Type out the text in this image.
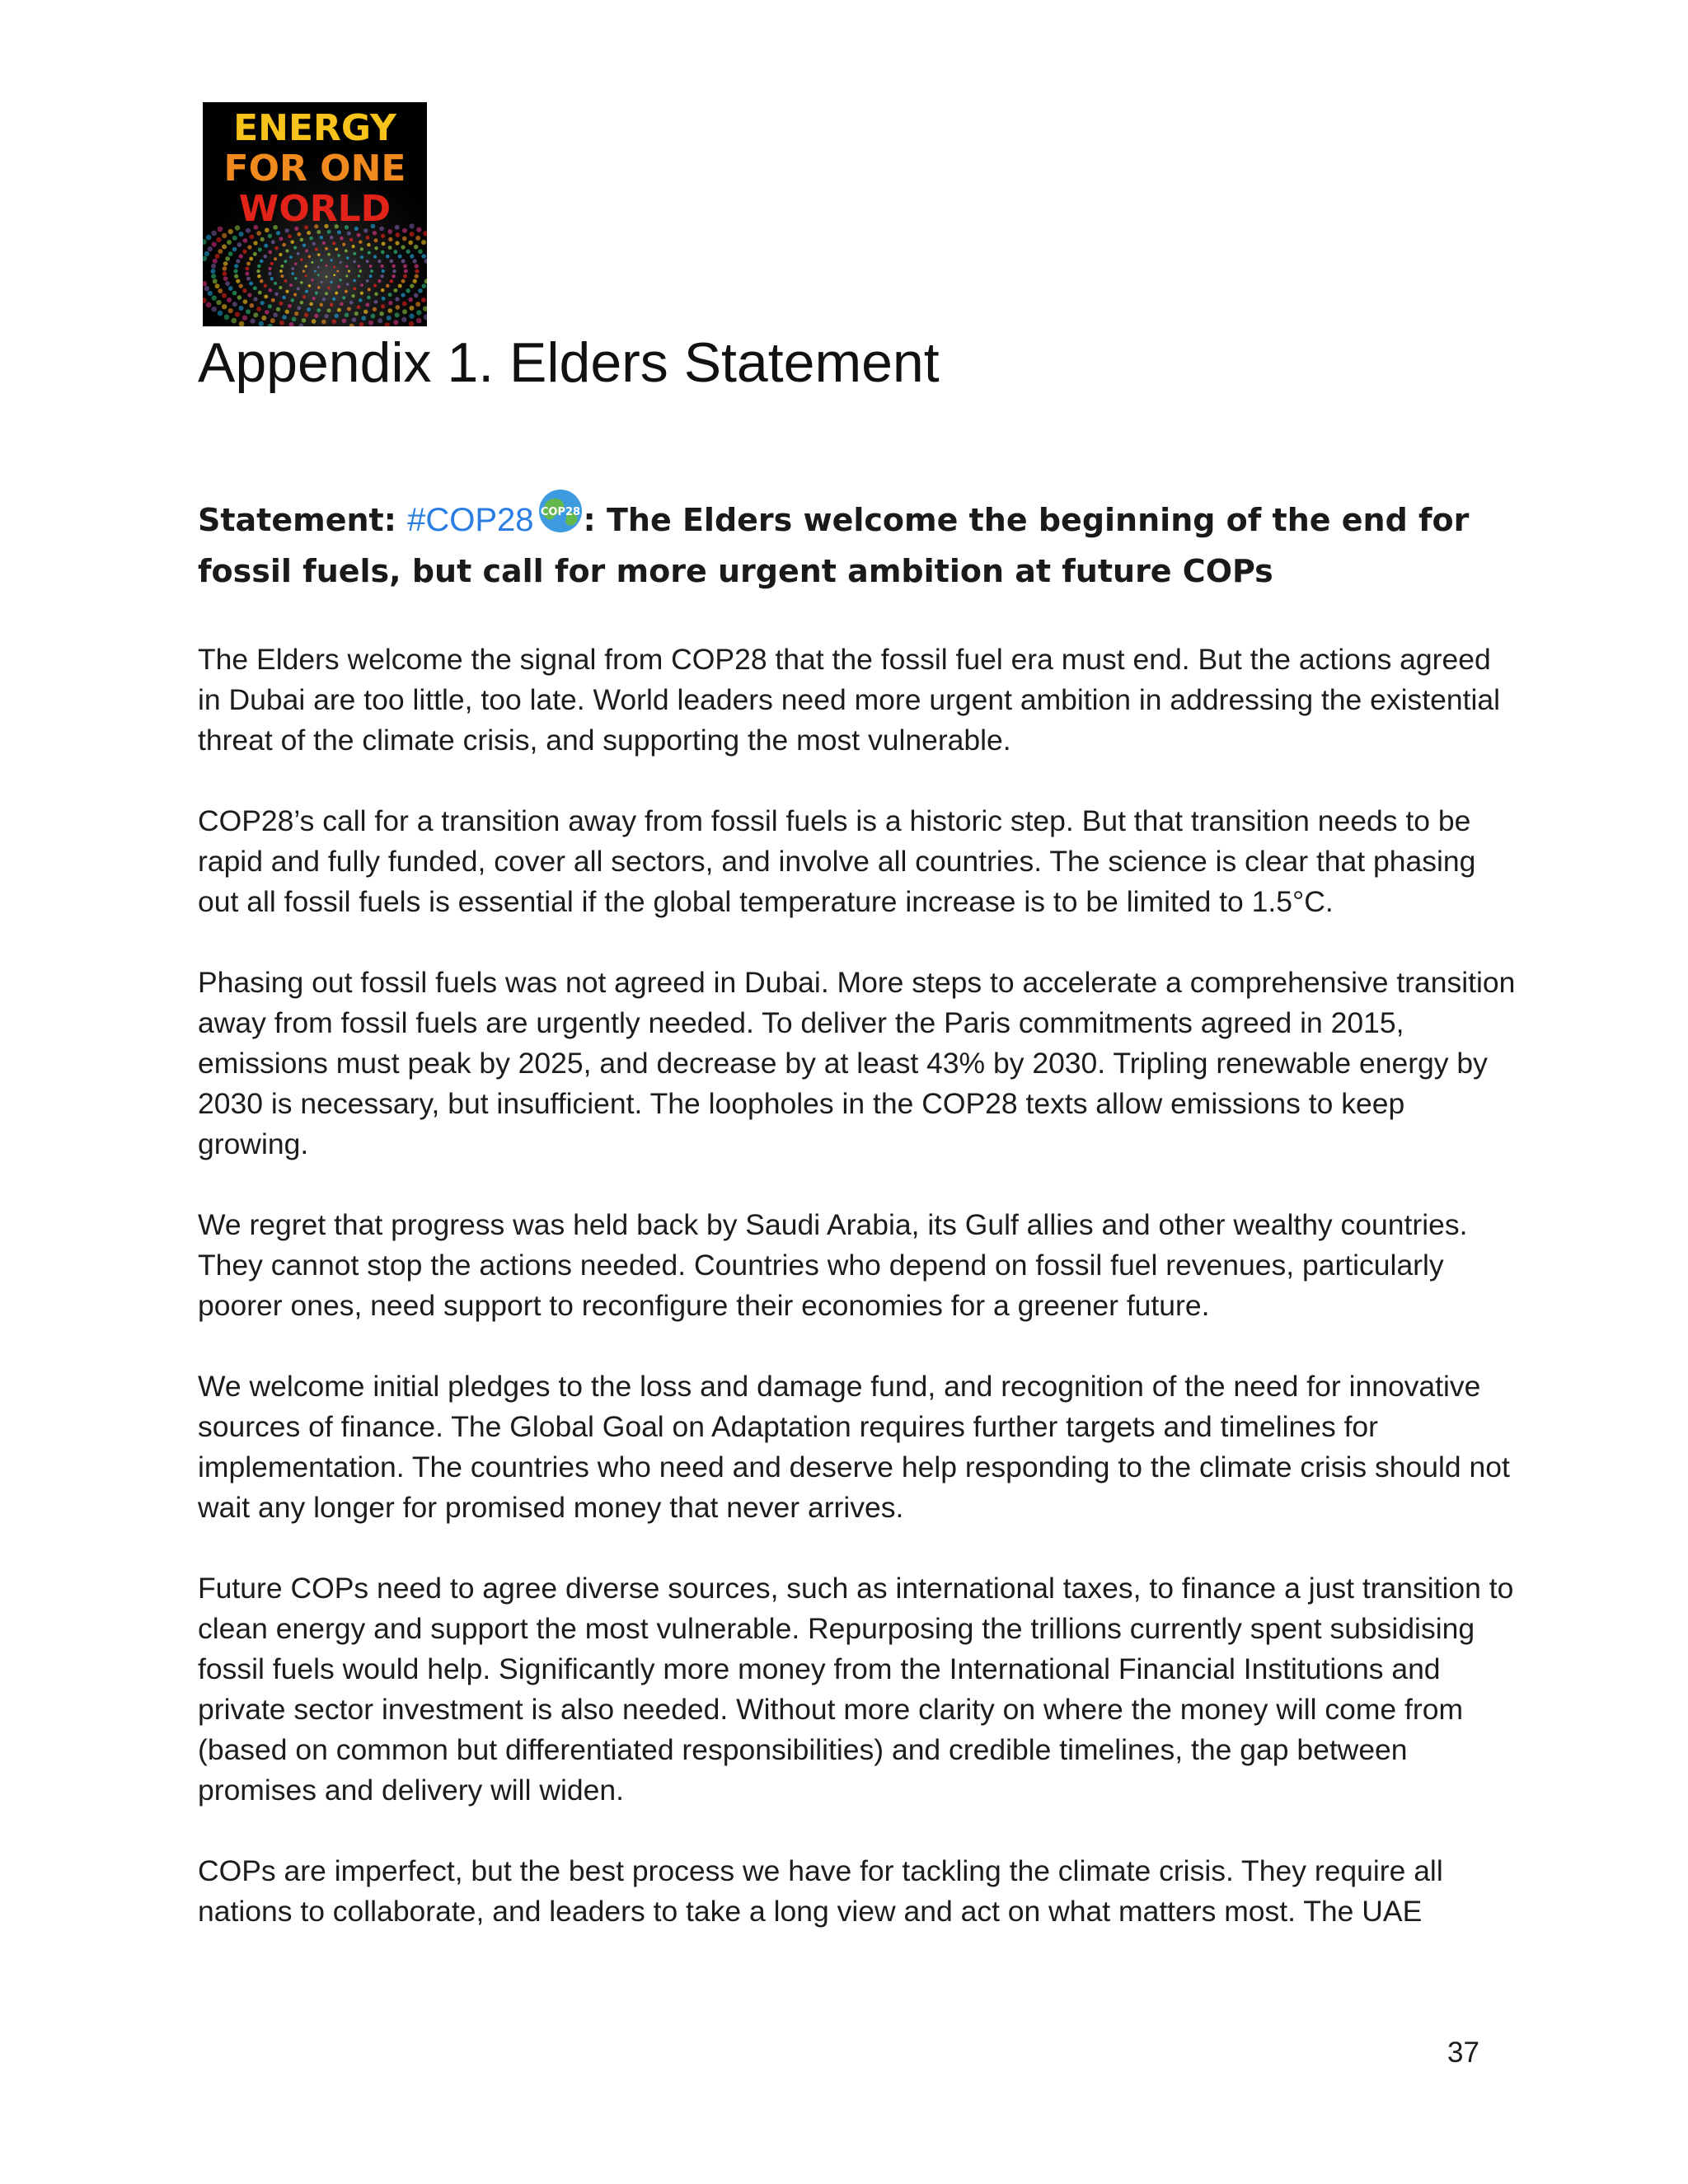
ENERGY
FOR ONE
WORLD
Appendix 1. Elders Statement
Statement: #COP28 COP28 : The Elders welcome the beginning of the end for fossil fuels, but call for more urgent ambition at future COPs

The Elders welcome the signal from COP28 that the fossil fuel era must end. But the actions agreed in Dubai are too little, too late. World leaders need more urgent ambition in addressing the existential threat of the climate crisis, and supporting the most vulnerable.

COP28’s call for a transition away from fossil fuels is a historic step. But that transition needs to be rapid and fully funded, cover all sectors, and involve all countries. The science is clear that phasing out all fossil fuels is essential if the global temperature increase is to be limited to 1.5°C.

Phasing out fossil fuels was not agreed in Dubai. More steps to accelerate a comprehensive transition away from fossil fuels are urgently needed. To deliver the Paris commitments agreed in 2015, emissions must peak by 2025, and decrease by at least 43% by 2030. Tripling renewable energy by 2030 is necessary, but insufficient. The loopholes in the COP28 texts allow emissions to keep growing.

We regret that progress was held back by Saudi Arabia, its Gulf allies and other wealthy countries. They cannot stop the actions needed. Countries who depend on fossil fuel revenues, particularly poorer ones, need support to reconfigure their economies for a greener future.

We welcome initial pledges to the loss and damage fund, and recognition of the need for innovative sources of finance. The Global Goal on Adaptation requires further targets and timelines for implementation. The countries who need and deserve help responding to the climate crisis should not wait any longer for promised money that never arrives.

Future COPs need to agree diverse sources, such as international taxes, to finance a just transition to clean energy and support the most vulnerable. Repurposing the trillions currently spent subsidising fossil fuels would help. Significantly more money from the International Financial Institutions and private sector investment is also needed. Without more clarity on where the money will come from (based on common but differentiated responsibilities) and credible timelines, the gap between promises and delivery will widen.

COPs are imperfect, but the best process we have for tackling the climate crisis. They require all nations to collaborate, and leaders to take a long view and act on what matters most. The UAE

37
